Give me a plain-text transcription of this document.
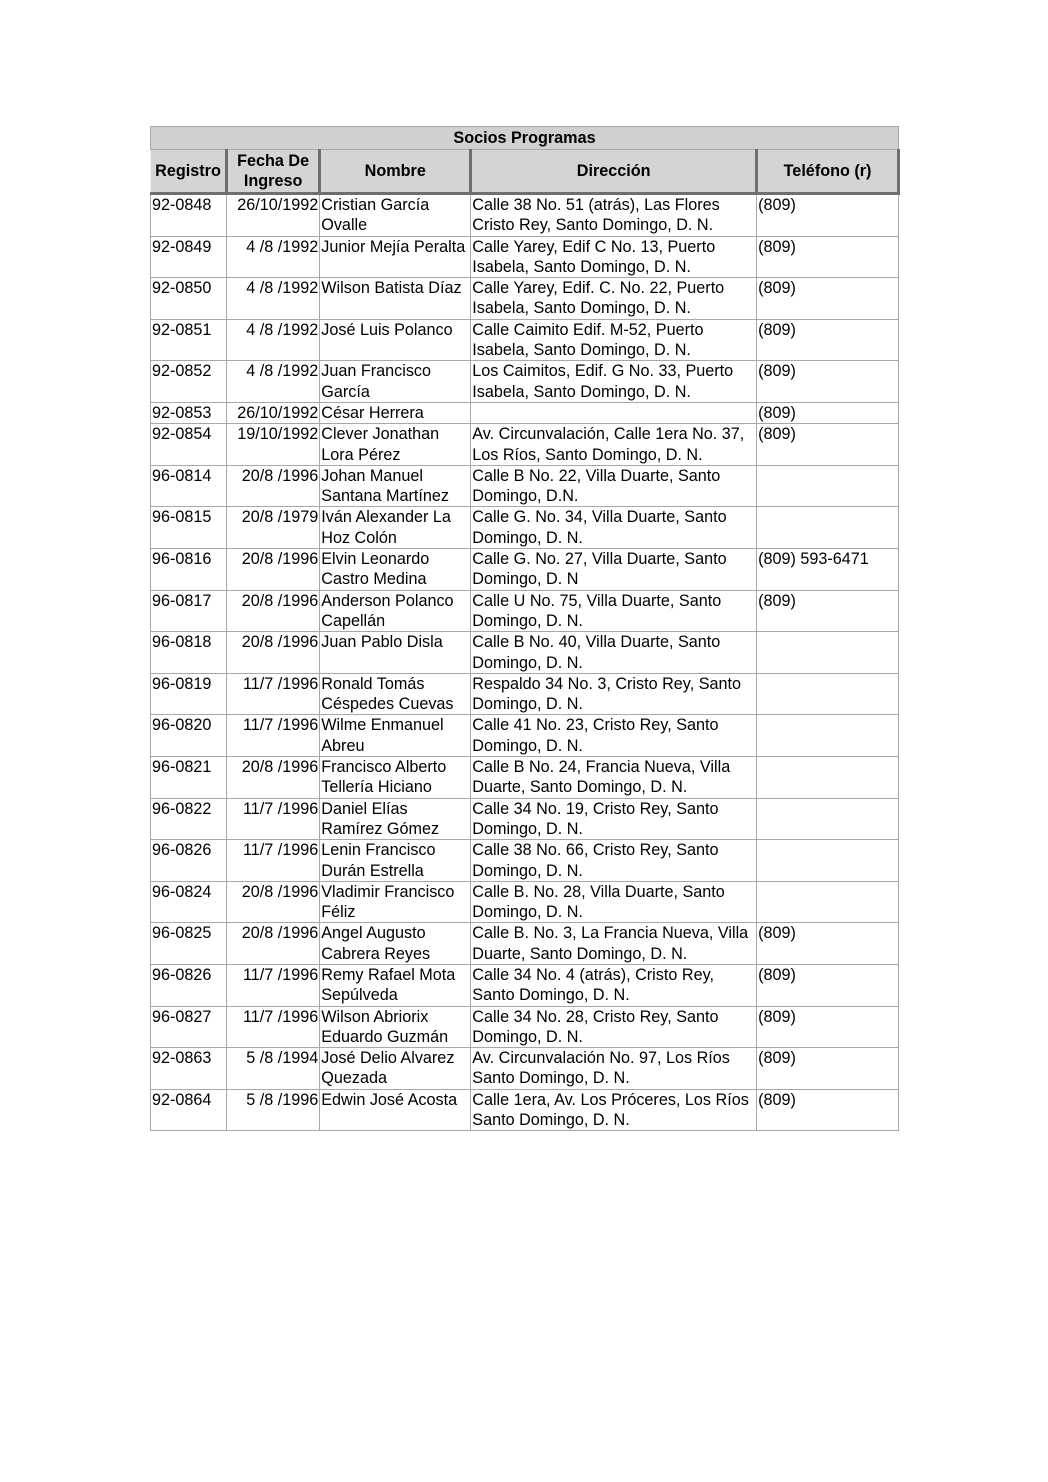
Socios Programas				
Registro	Fecha De Ingreso	Nombre	Dirección	Teléfono (r)
92-0848	26/10/1992	Cristian García Ovalle	Calle 38 No. 51 (atrás), Las Flores Cristo Rey, Santo Domingo, D. N.	(809)
92-0849	4 /8 /1992	Junior Mejía Peralta	Calle Yarey, Edif C No. 13, Puerto Isabela, Santo Domingo, D. N.	(809)
92-0850	4 /8 /1992	Wilson Batista Díaz	Calle Yarey, Edif. C. No. 22, Puerto Isabela, Santo Domingo, D. N.	(809)
92-0851	4 /8 /1992	José Luis Polanco	Calle Caimito Edif. M-52, Puerto Isabela, Santo Domingo, D. N.	(809)
92-0852	4 /8 /1992	Juan Francisco García	Los Caimitos, Edif. G No. 33, Puerto Isabela, Santo Domingo, D. N.	(809)
92-0853	26/10/1992	César Herrera		(809)
92-0854	19/10/1992	Clever Jonathan Lora Pérez	Av. Circunvalación, Calle 1era No. 37, Los Ríos, Santo Domingo, D. N.	(809)
96-0814	20/8 /1996	Johan Manuel Santana Martínez	Calle B No. 22, Villa Duarte, Santo Domingo, D.N.	
96-0815	20/8 /1979	Iván Alexander La Hoz Colón	Calle G. No. 34, Villa Duarte, Santo Domingo, D. N.	
96-0816	20/8 /1996	Elvin Leonardo Castro Medina	Calle G. No. 27, Villa Duarte, Santo Domingo, D. N	(809) 593-6471
96-0817	20/8 /1996	Anderson Polanco Capellán	Calle U No. 75, Villa Duarte, Santo Domingo, D. N.	(809)
96-0818	20/8 /1996	Juan Pablo Disla	Calle B No. 40, Villa Duarte, Santo Domingo, D. N.	
96-0819	11/7 /1996	Ronald Tomás Céspedes Cuevas	Respaldo 34 No. 3, Cristo Rey, Santo Domingo, D. N.	
96-0820	11/7 /1996	Wilme Enmanuel Abreu	Calle 41 No. 23, Cristo Rey, Santo Domingo, D. N.	
96-0821	20/8 /1996	Francisco Alberto Tellería Hiciano	Calle B No. 24, Francia Nueva, Villa Duarte, Santo Domingo, D. N.	
96-0822	11/7 /1996	Daniel Elías Ramírez Gómez	Calle 34 No. 19, Cristo Rey, Santo Domingo, D. N.	
96-0826	11/7 /1996	Lenin Francisco Durán Estrella	Calle 38 No. 66, Cristo Rey, Santo Domingo, D. N.	
96-0824	20/8 /1996	Vladimir Francisco Féliz	Calle B. No. 28, Villa Duarte, Santo Domingo, D. N.	
96-0825	20/8 /1996	Angel Augusto Cabrera Reyes	Calle B. No. 3, La Francia Nueva, Villa Duarte, Santo Domingo, D. N.	(809)
96-0826	11/7 /1996	Remy Rafael Mota Sepúlveda	Calle 34 No. 4 (atrás), Cristo Rey, Santo Domingo, D. N.	(809)
96-0827	11/7 /1996	Wilson Abriorix Eduardo Guzmán	Calle 34 No. 28, Cristo Rey, Santo Domingo, D. N.	(809)
92-0863	5 /8 /1994	José Delio Alvarez Quezada	Av. Circunvalación No. 97, Los Ríos Santo Domingo, D. N.	(809)
92-0864	5 /8 /1996	Edwin José Acosta	Calle 1era, Av. Los Próceres, Los Ríos Santo Domingo, D. N.	(809)
